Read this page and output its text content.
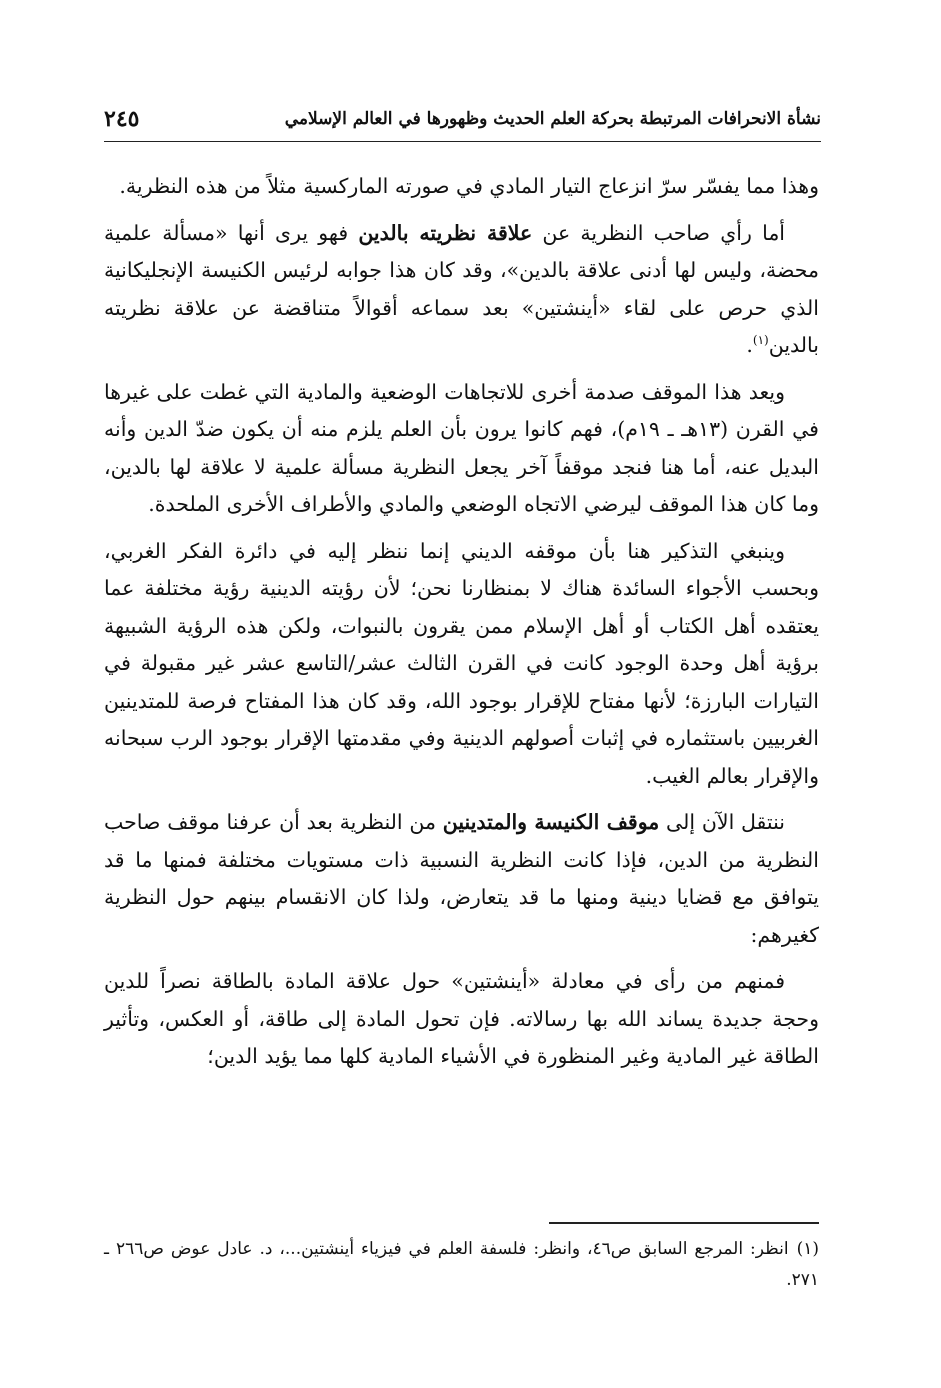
نشأة الانحرافات المرتبطة بحركة العلم الحديث وظهورها في العالم الإسلامي
٢٤٥

وهذا مما يفسّر سرّ انزعاج التيار المادي في صورته الماركسية مثلاً من هذه النظرية.

أما رأي صاحب النظرية عن علاقة نظريته بالدين فهو يرى أنها «مسألة علمية محضة، وليس لها أدنى علاقة بالدين»، وقد كان هذا جوابه لرئيس الكنيسة الإنجليكانية الذي حرص على لقاء «أينشتين» بعد سماعه أقوالاً متناقضة عن علاقة نظريته بالدين$^{(١)}$.

ويعد هذا الموقف صدمة أخرى للاتجاهات الوضعية والمادية التي غطت على غيرها في القرن (١٣هـ ـ ١٩م)، فهم كانوا يرون بأن العلم يلزم منه أن يكون ضدّ الدين وأنه البديل عنه، أما هنا فنجد موقفاً آخر يجعل النظرية مسألة علمية لا علاقة لها بالدين، وما كان هذا الموقف ليرضي الاتجاه الوضعي والمادي والأطراف الأخرى الملحدة.

وينبغي التذكير هنا بأن موقفه الديني إنما ننظر إليه في دائرة الفكر الغربي، وبحسب الأجواء السائدة هناك لا بمنظارنا نحن؛ لأن رؤيته الدينية رؤية مختلفة عما يعتقده أهل الكتاب أو أهل الإسلام ممن يقرون بالنبوات، ولكن هذه الرؤية الشبيهة برؤية أهل وحدة الوجود كانت في القرن الثالث عشر/التاسع عشر غير مقبولة في التيارات البارزة؛ لأنها مفتاح للإقرار بوجود الله، وقد كان هذا المفتاح فرصة للمتدينين الغربيين باستثماره في إثبات أصولهم الدينية وفي مقدمتها الإقرار بوجود الرب سبحانه والإقرار بعالم الغيب.

ننتقل الآن إلى موقف الكنيسة والمتدينين من النظرية بعد أن عرفنا موقف صاحب النظرية من الدين، فإذا كانت النظرية النسبية ذات مستويات مختلفة فمنها ما قد يتوافق مع قضايا دينية ومنها ما قد يتعارض، ولذا كان الانقسام بينهم حول النظرية كغيرهم:

فمنهم من رأى في معادلة «أينشتين» حول علاقة المادة بالطاقة نصراً للدين وحجة جديدة يساند الله بها رسالاته. فإن تحول المادة إلى طاقة، أو العكس، وتأثير الطاقة غير المادية وغير المنظورة في الأشياء المادية كلها مما يؤيد الدين؛

(١)انظر: المرجع السابق ص٤٦، وانظر: فلسفة العلم في فيزياء أينشتين...، د. عادل عوض ص٢٦٦ ـ ٢٧١.
